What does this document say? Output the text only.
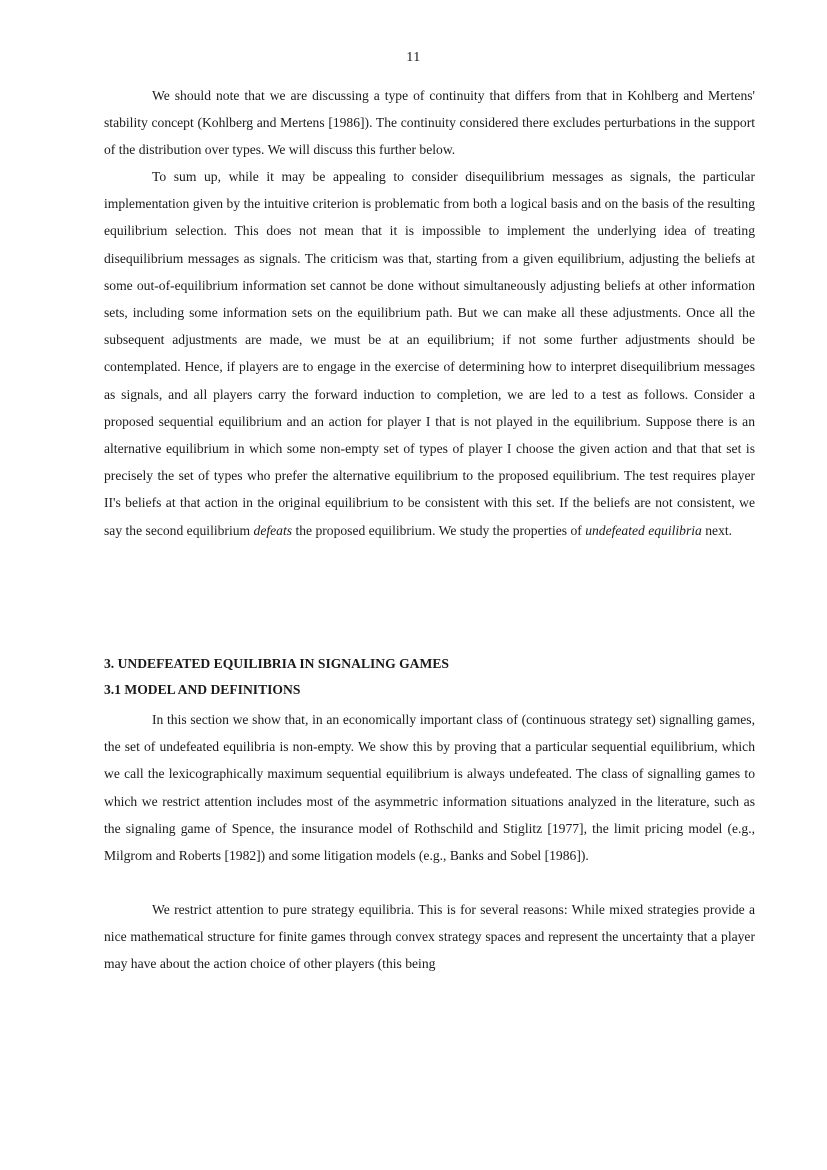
11

We should note that we are discussing a type of continuity that differs from that in Kohlberg and Mertens' stability concept (Kohlberg and Mertens [1986]). The continuity considered there excludes perturbations in the support of the distribution over types. We will discuss this further below.

To sum up, while it may be appealing to consider disequilibrium messages as signals, the particular implementation given by the intuitive criterion is problematic from both a logical basis and on the basis of the resulting equilibrium selection. This does not mean that it is impossible to implement the underlying idea of treating disequilibrium messages as signals. The criticism was that, starting from a given equilibrium, adjusting the beliefs at some out-of-equilibrium information set cannot be done without simultaneously adjusting beliefs at other information sets, including some information sets on the equilibrium path. But we can make all these adjustments. Once all the subsequent adjustments are made, we must be at an equilibrium; if not some further adjustments should be contemplated. Hence, if players are to engage in the exercise of determining how to interpret disequilibrium messages as signals, and all players carry the forward induction to completion, we are led to a test as follows. Consider a proposed sequential equilibrium and an action for player I that is not played in the equilibrium. Suppose there is an alternative equilibrium in which some non-empty set of types of player I choose the given action and that that set is precisely the set of types who prefer the alternative equilibrium to the proposed equilibrium. The test requires player II's beliefs at that action in the original equilibrium to be consistent with this set. If the beliefs are not consistent, we say the second equilibrium defeats the proposed equilibrium. We study the properties of undefeated equilibria next.

3. UNDEFEATED EQUILIBRIA IN SIGNALING GAMES
3.1 MODEL AND DEFINITIONS

In this section we show that, in an economically important class of (continuous strategy set) signalling games, the set of undefeated equilibria is non-empty. We show this by proving that a particular sequential equilibrium, which we call the lexicographically maximum sequential equilibrium is always undefeated. The class of signalling games to which we restrict attention includes most of the asymmetric information situations analyzed in the literature, such as the signaling game of Spence, the insurance model of Rothschild and Stiglitz [1977], the limit pricing model (e.g., Milgrom and Roberts [1982]) and some litigation models (e.g., Banks and Sobel [1986]).

We restrict attention to pure strategy equilibria. This is for several reasons: While mixed strategies provide a nice mathematical structure for finite games through convex strategy spaces and represent the uncertainty that a player may have about the action choice of other players (this being
